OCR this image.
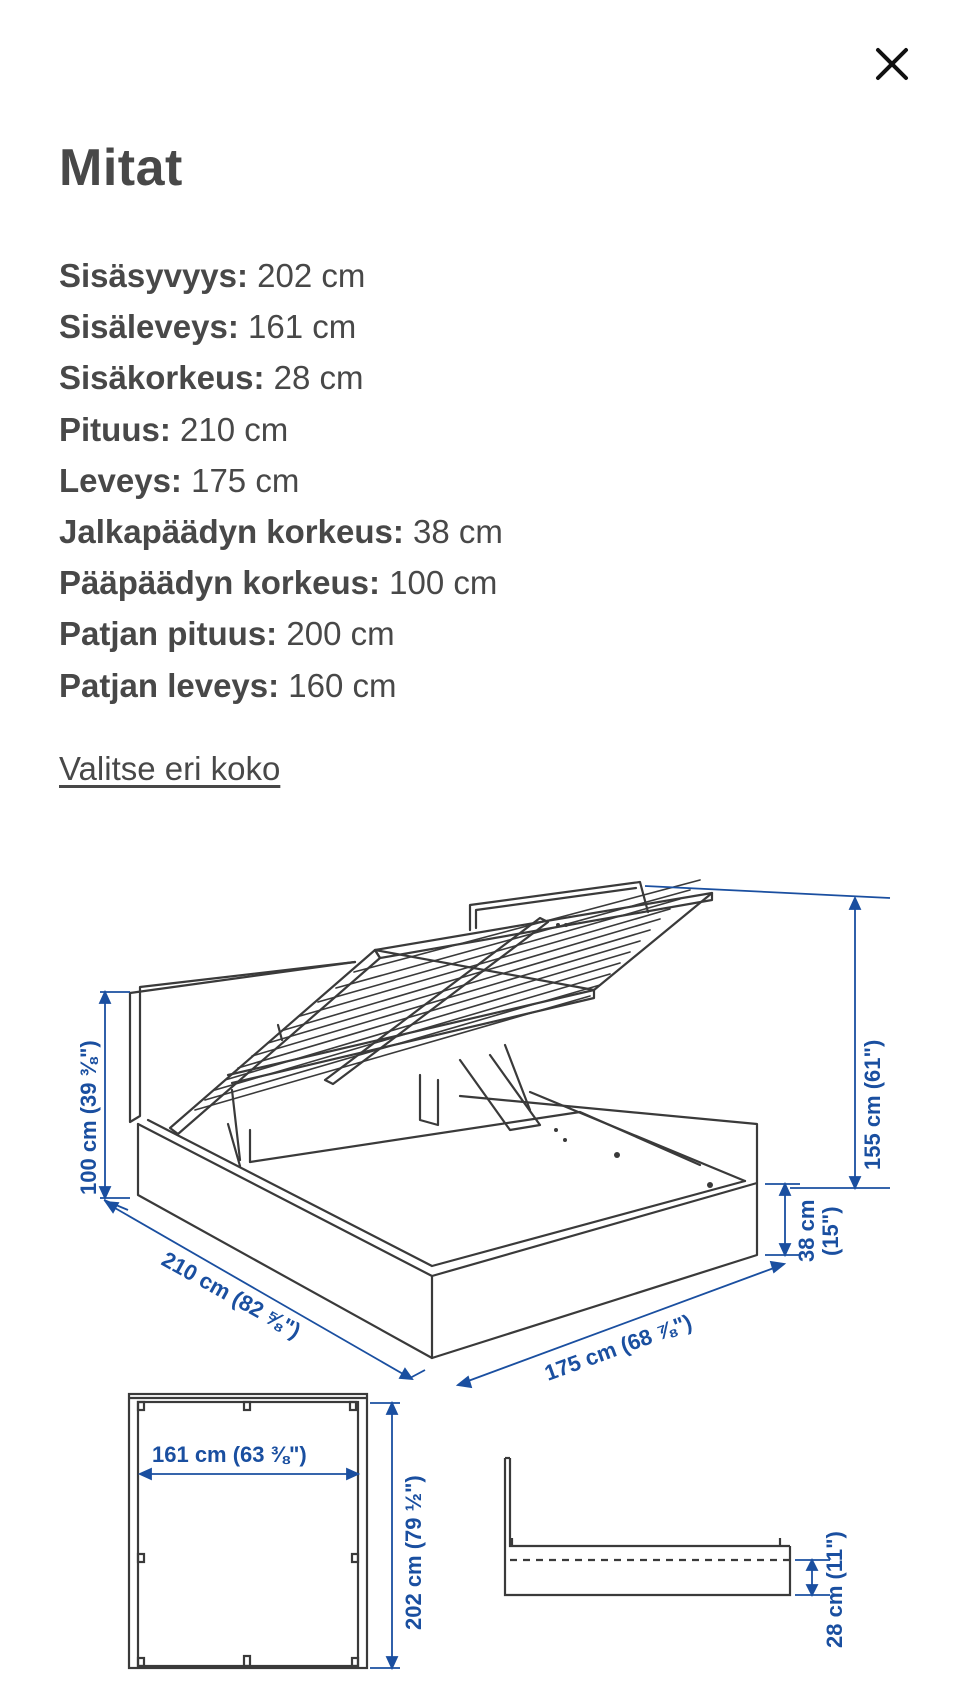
Mitat
Sisäsyvyys: 202 cm
Sisäleveys: 161 cm
Sisäkorkeus: 28 cm
Pituus: 210 cm
Leveys: 175 cm
Jalkapäädyn korkeus: 38 cm
Pääpäädyn korkeus: 100 cm
Patjan pituus: 200 cm
Patjan leveys: 160 cm
Valitse eri koko
100 cm (39 ⅜")	155 cm (61")
38 cm (15")
210 cm (82 ⅝")
175 cm (68 ⅞")
161 cm (63 ⅜")
202 cm (79 ½")	28 cm (11")
